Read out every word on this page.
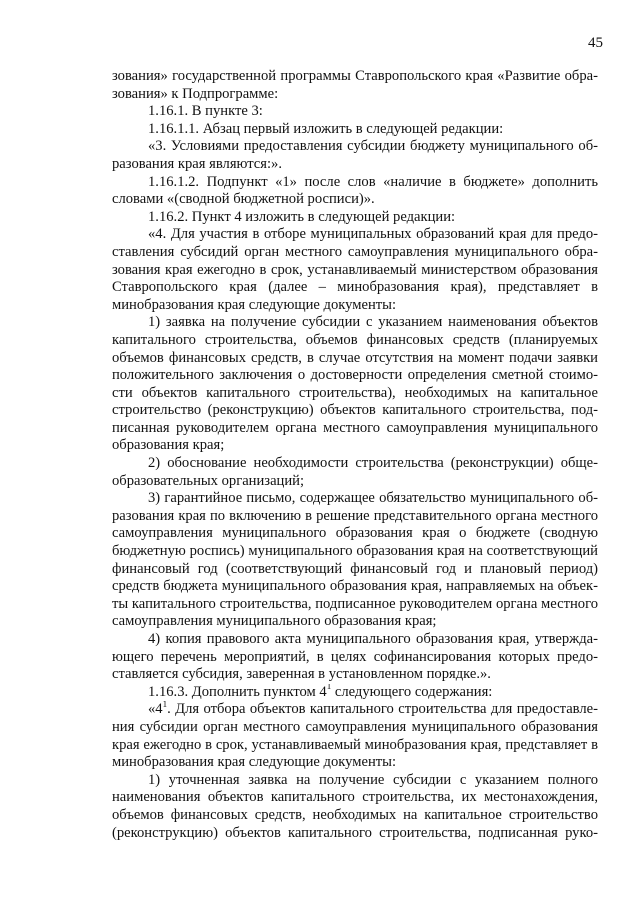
45
зования» государственной программы Ставропольского края «Развитие обра-
зования» к Подпрограмме:
1.16.1. В пункте 3:
1.16.1.1. Абзац первый изложить в следующей редакции:
«3. Условиями предоставления субсидии бюджету муниципального об-
разования края являются:».
1.16.1.2. Подпункт «1» после слов «наличие в бюджете» дополнить
словами «(сводной бюджетной росписи)».
1.16.2. Пункт 4 изложить в следующей редакции:
«4. Для участия в отборе муниципальных образований края для предо-
ставления субсидий орган местного самоуправления муниципального обра-
зования края ежегодно в срок, устанавливаемый министерством образования
Ставропольского края (далее – минобразования края), представляет в
минобразования края следующие документы:
1) заявка на получение субсидии с указанием наименования объектов
капитального строительства, объемов финансовых средств (планируемых
объемов финансовых средств, в случае отсутствия на момент подачи заявки
положительного заключения о достоверности определения сметной стоимо-
сти объектов капитального строительства), необходимых на капитальное
строительство (реконструкцию) объектов капитального строительства, под-
писанная руководителем органа местного самоуправления муниципального
образования края;
2) обоснование необходимости строительства (реконструкции) обще-
образовательных организаций;
3) гарантийное письмо, содержащее обязательство муниципального об-
разования края по включению в решение представительного органа местного
самоуправления муниципального образования края о бюджете (сводную
бюджетную роспись) муниципального образования края на соответствующий
финансовый год (соответствующий финансовый год и плановый период)
средств бюджета муниципального образования края, направляемых на объек-
ты капитального строительства, подписанное руководителем органа местного
самоуправления муниципального образования края;
4) копия правового акта муниципального образования края, утвержда-
ющего перечень мероприятий, в целях софинансирования которых предо-
ставляется субсидия, заверенная в установленном порядке.».
1.16.3. Дополнить пунктом $4^1$ следующего содержания:
«$4^1$. Для отбора объектов капитального строительства для предоставле-
ния субсидии орган местного самоуправления муниципального образования
края ежегодно в срок, устанавливаемый минобразования края, представляет в
минобразования края следующие документы:
1) уточненная заявка на получение субсидии с указанием полного
наименования объектов капитального строительства, их местонахождения,
объемов финансовых средств, необходимых на капитальное строительство
(реконструкцию) объектов капитального строительства, подписанная руко-
